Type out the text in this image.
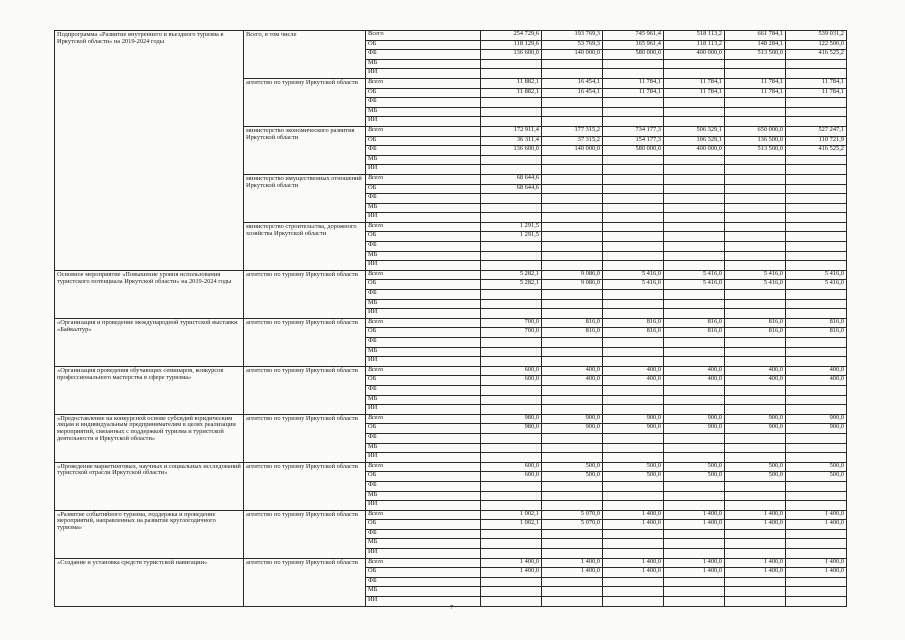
Подпрограмма «Развитие внутреннего и въездного туризма в Иркутской области» на 2019-2024 годы	Всего, в том числе	Всего	254 729,6	193 769,3	745 961,4	518 113,2	661 784,1	539 031,2
		ОБ	118 129,6	53 769,3	165 961,4	118 113,2	148 284,1	122 506,0
		ФБ	136 600,0	140 000,0	580 000,0	400 000,0	513 500,0	416 525,2
		МБ						
		ИИ						
	агентство по туризму Иркутской области	Всего	11 882,1	16 454,1	11 784,1	11 784,1	11 784,1	11 784,1
		ОБ	11 882,1	16 454,1	11 784,1	11 784,1	11 784,1	11 784,1
		ФБ						
		МБ						
		ИИ						
	министерство экономического развития Иркутской области	Всего	172 911,4	177 315,2	734 177,3	506 329,1	650 000,0	527 247,1
		ОБ	36 311,4	37 315,2	154 177,3	106 329,1	136 500,0	110 721,9
		ФБ	136 600,0	140 000,0	580 000,0	400 000,0	513 500,0	416 525,2
		МБ						
		ИИ						
	министерство имущественных отношений Иркутской области	Всего	68 644,6					
		ОБ	68 644,6					
		ФБ						
		МБ						
		ИИ						
	министерство строительства, дорожного хозяйства Иркутской области	Всего	1 291,5					
		ОБ	1 291,5					
		ФБ						
		МБ						
		ИИ						
Основное мероприятие «Повышение уровня использования туристского потенциала Иркутской области» на 2019-2024 годы	агентство по туризму Иркутской области	Всего	5 282,1	9 086,0	5 416,0	5 416,0	5 416,0	5 416,0
		ОБ	5 282,1	9 086,0	5 416,0	5 416,0	5 416,0	5 416,0
		ФБ						
		МБ						
		ИИ						
«Организация и проведение международной туристской выставки «Байкалтур»	агентство по туризму Иркутской области	Всего	700,0	816,0	816,0	816,0	816,0	816,0
		ОБ	700,0	816,0	816,0	816,0	816,0	816,0
		ФБ						
		МБ						
		ИИ						
«Организация проведения обучающих семинаров, конкурсов профессионального мастерства в сфере туризма»	агентство по туризму Иркутской области	Всего	600,0	400,0	400,0	400,0	400,0	400,0
		ОБ	600,0	400,0	400,0	400,0	400,0	400,0
		ФБ						
		МБ						
		ИИ						
«Предоставление на конкурсной основе субсидий юридическим лицам и индивидуальным предпринимателям в целях реализации мероприятий, связанных с поддержкой туризма и туристской деятельности в Иркутской области»	агентство по туризму Иркутской области	Всего	980,0	900,0	900,0	900,0	900,0	900,0
		ОБ	980,0	900,0	900,0	900,0	900,0	900,0
		ФБ						
		МБ						
		ИИ						
«Проведение маркетинговых, научных и социальных исследований туристской отрасли Иркутской области»	агентство по туризму Иркутской области	Всего	600,0	500,0	500,0	500,0	500,0	500,0
		ОБ	600,0	500,0	500,0	500,0	500,0	500,0
		ФБ						
		МБ						
		ИИ						
«Развитие событийного туризма, поддержка и проведение мероприятий, направленных на развитие круглогодичного туризма»	агентство по туризму Иркутской области	Всего	1 002,1	5 070,0	1 400,0	1 400,0	1 400,0	1 400,0
		ОБ	1 002,1	5 070,0	1 400,0	1 400,0	1 400,0	1 400,0
		ФБ						
		МБ						
		ИИ						
«Создание и установка средств туристской навигации»	агентство по туризму Иркутской области	Всего	1 400,0	1 400,0	1 400,0	1 400,0	1 400,0	1 400,0
		ОБ	1 400,0	1 400,0	1 400,0	1 400,0	1 400,0	1 400,0
		ФБ						
		МБ						
		ИИ						
7
